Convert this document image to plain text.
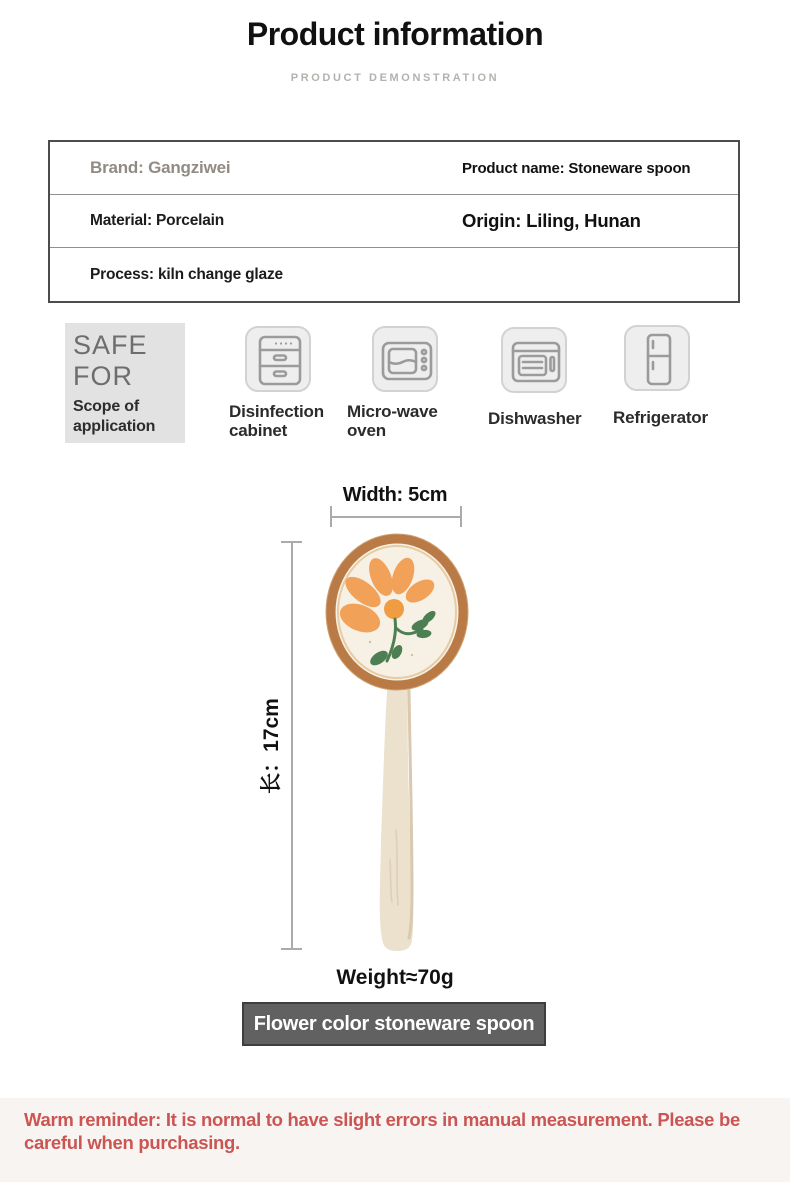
Product information
PRODUCT DEMONSTRATION
Brand: Gangziwei	Product name: Stoneware spoon
Material: Porcelain	Origin: Liling, Hunan
Process: kiln change glaze
SAFE
FOR
Scope of application
Disinfection cabinet
Micro-wave oven
Dishwasher	Refrigerator
Width: 5cm
长：17cm
Weight≈70g
Flower color stoneware spoon
Warm reminder: It is normal to have slight errors in manual measurement. Please be careful when purchasing.
